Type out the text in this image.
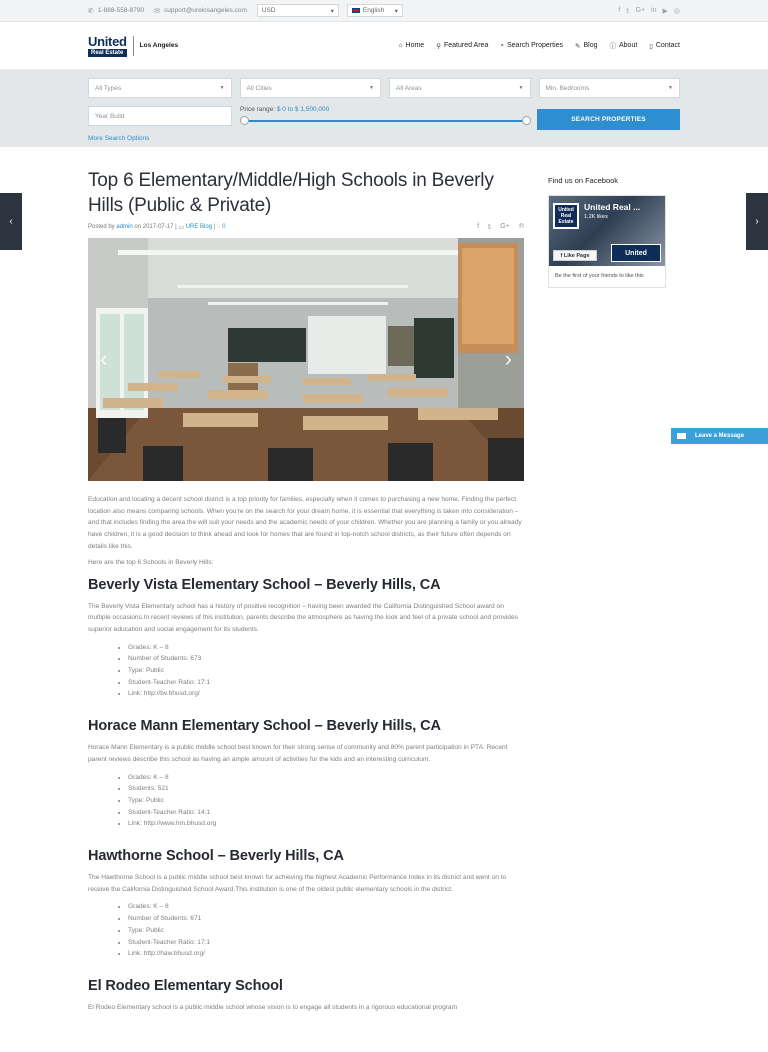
✆ 1-888-558-8790 ✉ support@urelosangeles.com USD	▾	English ▾	f 𝕥 G+ in ▶ ◎
United
Real Estate
Los Angeles	⌂ Home ⚲ Featured Area ⌕ Search Properties ✎ Blog ⓘ About ▯ Contact
All Types	▼	All Cities	▼	All Areas	▼	Min. Bedrooms	▼
Year Build
Price range: $ 0 to $ 1,500,000
SEARCH PROPERTIES
More Search Options
‹	›
Leave a Message
Top 6 Elementary/Middle/High Schools in Beverly Hills (Public & Private)
Posted by
admin
on
2017-07-17 | ▭
URE Blog | ◌
0	f 𝕥 G+ ℗
‹	›

Education and locating a decent school district is a top priority for families, especially when it comes to purchasing a new home. Finding the perfect location also means comparing schools. When you're on the search for your dream home, it is essential that everything is taken into consideration – and that includes finding the area the will suit your needs and the academic needs of your children. Whether you are planning a family or you already have children, it is a good decision to think ahead and look for homes that are found in top-notch school districts, as their future often depends on details like this.

Here are the top 6 Schools in Beverly Hills:

Beverly Vista Elementary School – Beverly Hills, CA

The Beverly Vista Elementary school has a history of positive recognition – having been awarded the California Distinguished School award on multiple occasions.In recent reviews of this institution, parents describe the atmosphere as having the look and feel of a private school and provides superior education and social engagement for its students.

• Grades: K – 8
• Number of Students: 673
• Type: Public
• Student-Teacher Ratio: 17:1
• Link: http://bv.bhusd.org/
Horace Mann Elementary School – Beverly Hills, CA

Horace Mann Elementary is a public middle school best known for their strong sense of community and 80% parent participation in PTA. Recent parent reviews describe this school as having an ample amount of activities for the kids and an interesting curriculum.

• Grades: K – 8
• Students: 521
• Type: Public
• Student-Teacher Ratio: 14:1
• Link: http://www.hm.bhusd.org
Hawthorne School – Beverly Hills, CA

The Hawthorne School is a public middle school best known for achieving the highest Academic Performance Index in its district and went on to receive the California Distinguished School Award.This institution is one of the oldest public elementary schools in the district.

• Grades: K – 8
• Number of Students: 671
• Type: Public
• Student-Teacher Ratio: 17:1
• Link: http://haw.bhusd.org/
El Rodeo Elementary School

El Rodeo Elementary school is a public middle school whose vision is to engage all students in a rigorous educational program

Find us on Facebook
United Real Estate
United Real ...
1.2K likes
f Like Page	United
Be the first of your friends to like this
